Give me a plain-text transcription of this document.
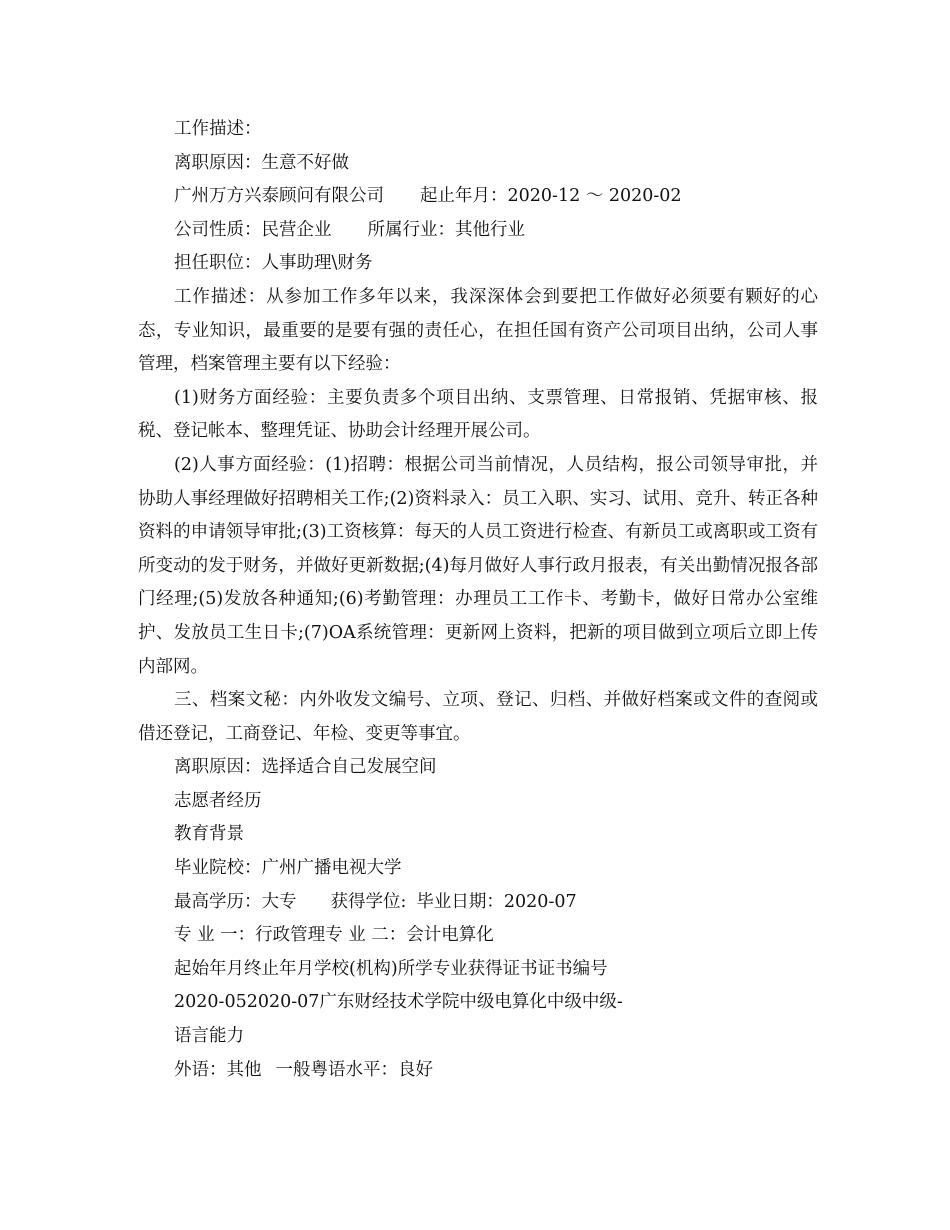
工作描述：

离职原因：生意不好做

广州万方兴泰顾问有限公司 起止年月：2020-12 ～ 2020-02

公司性质：民营企业 所属行业：其他行业

担任职位：人事助理\财务

工作描述：从参加工作多年以来，我深深体会到要把工作做好必须要有颗好的心态，专业知识，最重要的是要有强的责任心，在担任国有资产公司项目出纳，公司人事管理，档案管理主要有以下经验：

(1)财务方面经验：主要负责多个项目出纳、支票管理、日常报销、凭据审核、报税、登记帐本、整理凭证、协助会计经理开展公司。

(2)人事方面经验：(1)招聘：根据公司当前情况，人员结构，报公司领导审批，并协助人事经理做好招聘相关工作;(2)资料录入：员工入职、实习、试用、竞升、转正各种资料的申请领导审批;(3)工资核算：每天的人员工资进行检查、有新员工或离职或工资有所变动的发于财务，并做好更新数据;(4)每月做好人事行政月报表，有关出勤情况报各部门经理;(5)发放各种通知;(6)考勤管理：办理员工工作卡、考勤卡，做好日常办公室维护、发放员工生日卡;(7)OA系统管理：更新网上资料，把新的项目做到立项后立即上传内部网。

三、档案文秘：内外收发文编号、立项、登记、归档、并做好档案或文件的查阅或借还登记，工商登记、年检、变更等事宜。

离职原因：选择适合自己发展空间

志愿者经历

教育背景

毕业院校：广州广播电视大学

最高学历：大专 获得学位: 毕业日期：2020-07

专 业 一：行政管理专 业 二：会计电算化

起始年月终止年月学校(机构)所学专业获得证书证书编号

2020-052020-07广东财经技术学院中级电算化中级中级-

语言能力

外语：其他 一般粤语水平：良好
